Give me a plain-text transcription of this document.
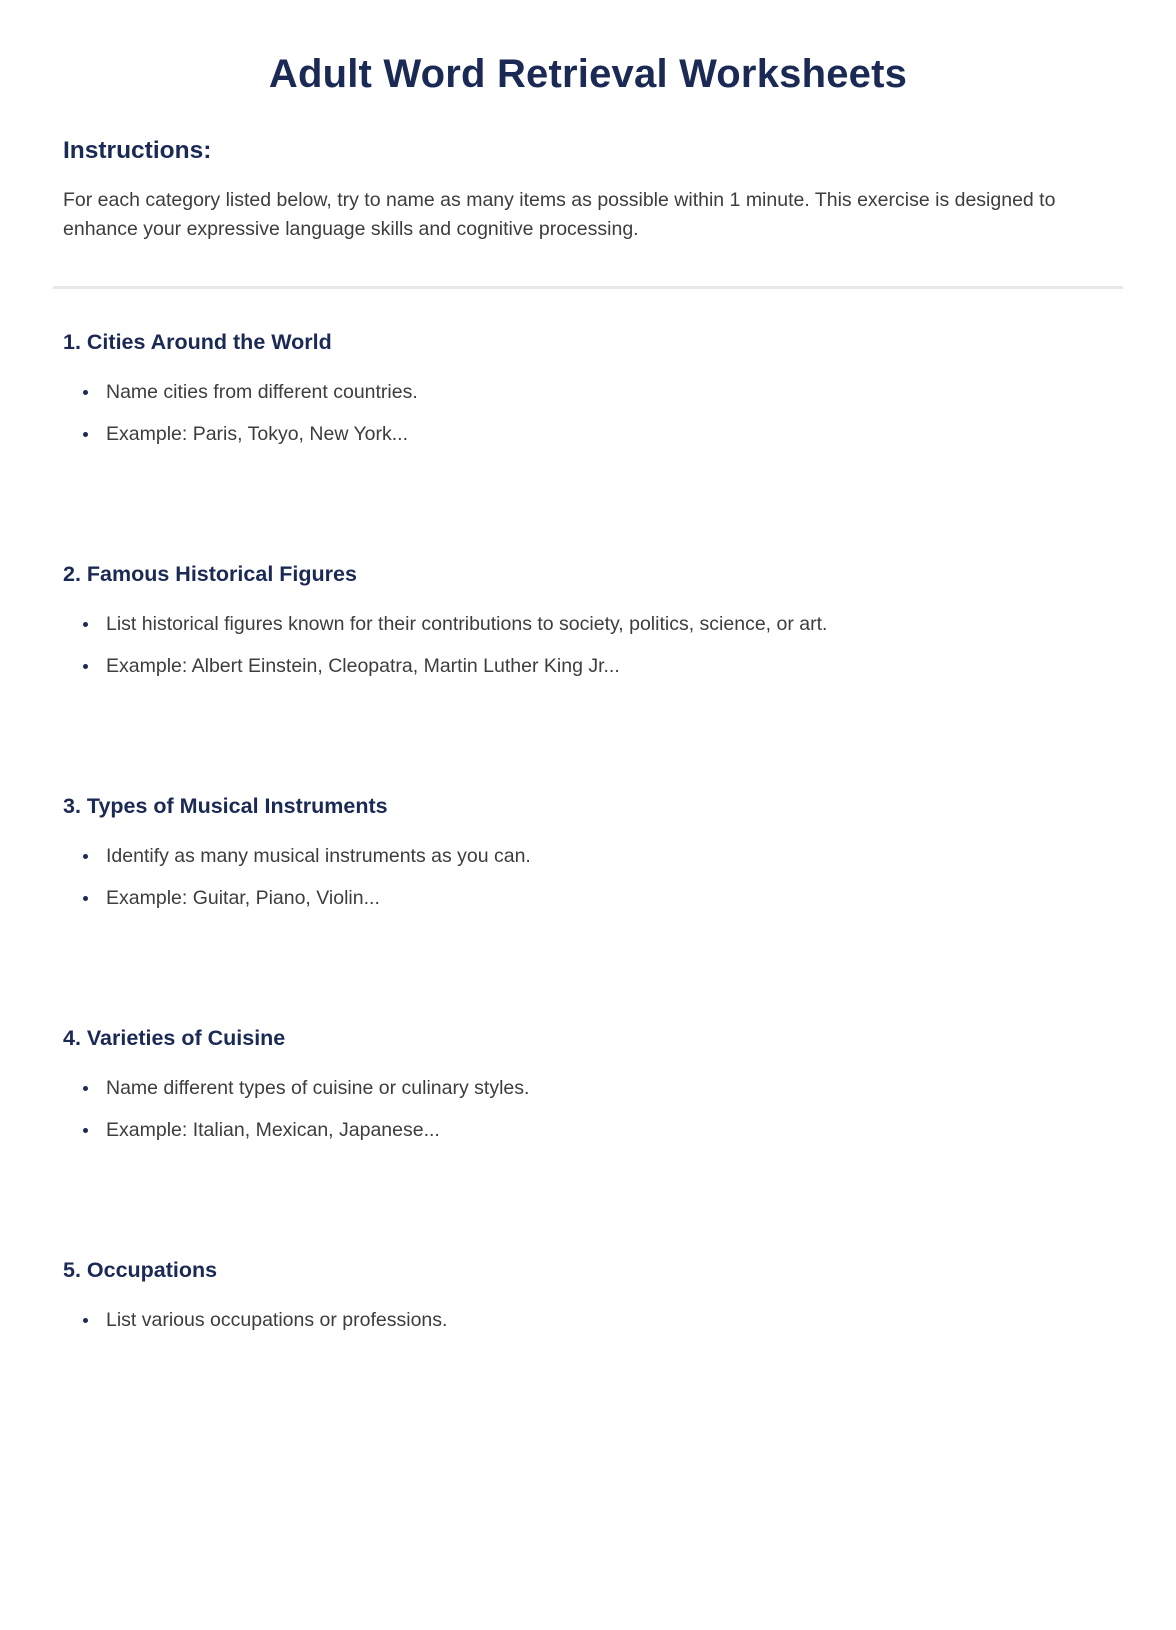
Adult Word Retrieval Worksheets
Instructions:

For each category listed below, try to name as many items as possible within 1 minute. This exercise is designed to enhance your expressive language skills and cognitive processing.

1. Cities Around the World
• Name cities from different countries.
• Example: Paris, Tokyo, New York...
2. Famous Historical Figures
• List historical figures known for their contributions to society, politics, science, or art.
• Example: Albert Einstein, Cleopatra, Martin Luther King Jr...
3. Types of Musical Instruments
• Identify as many musical instruments as you can.
• Example: Guitar, Piano, Violin...
4. Varieties of Cuisine
• Name different types of cuisine or culinary styles.
• Example: Italian, Mexican, Japanese...
5. Occupations
• List various occupations or professions.
